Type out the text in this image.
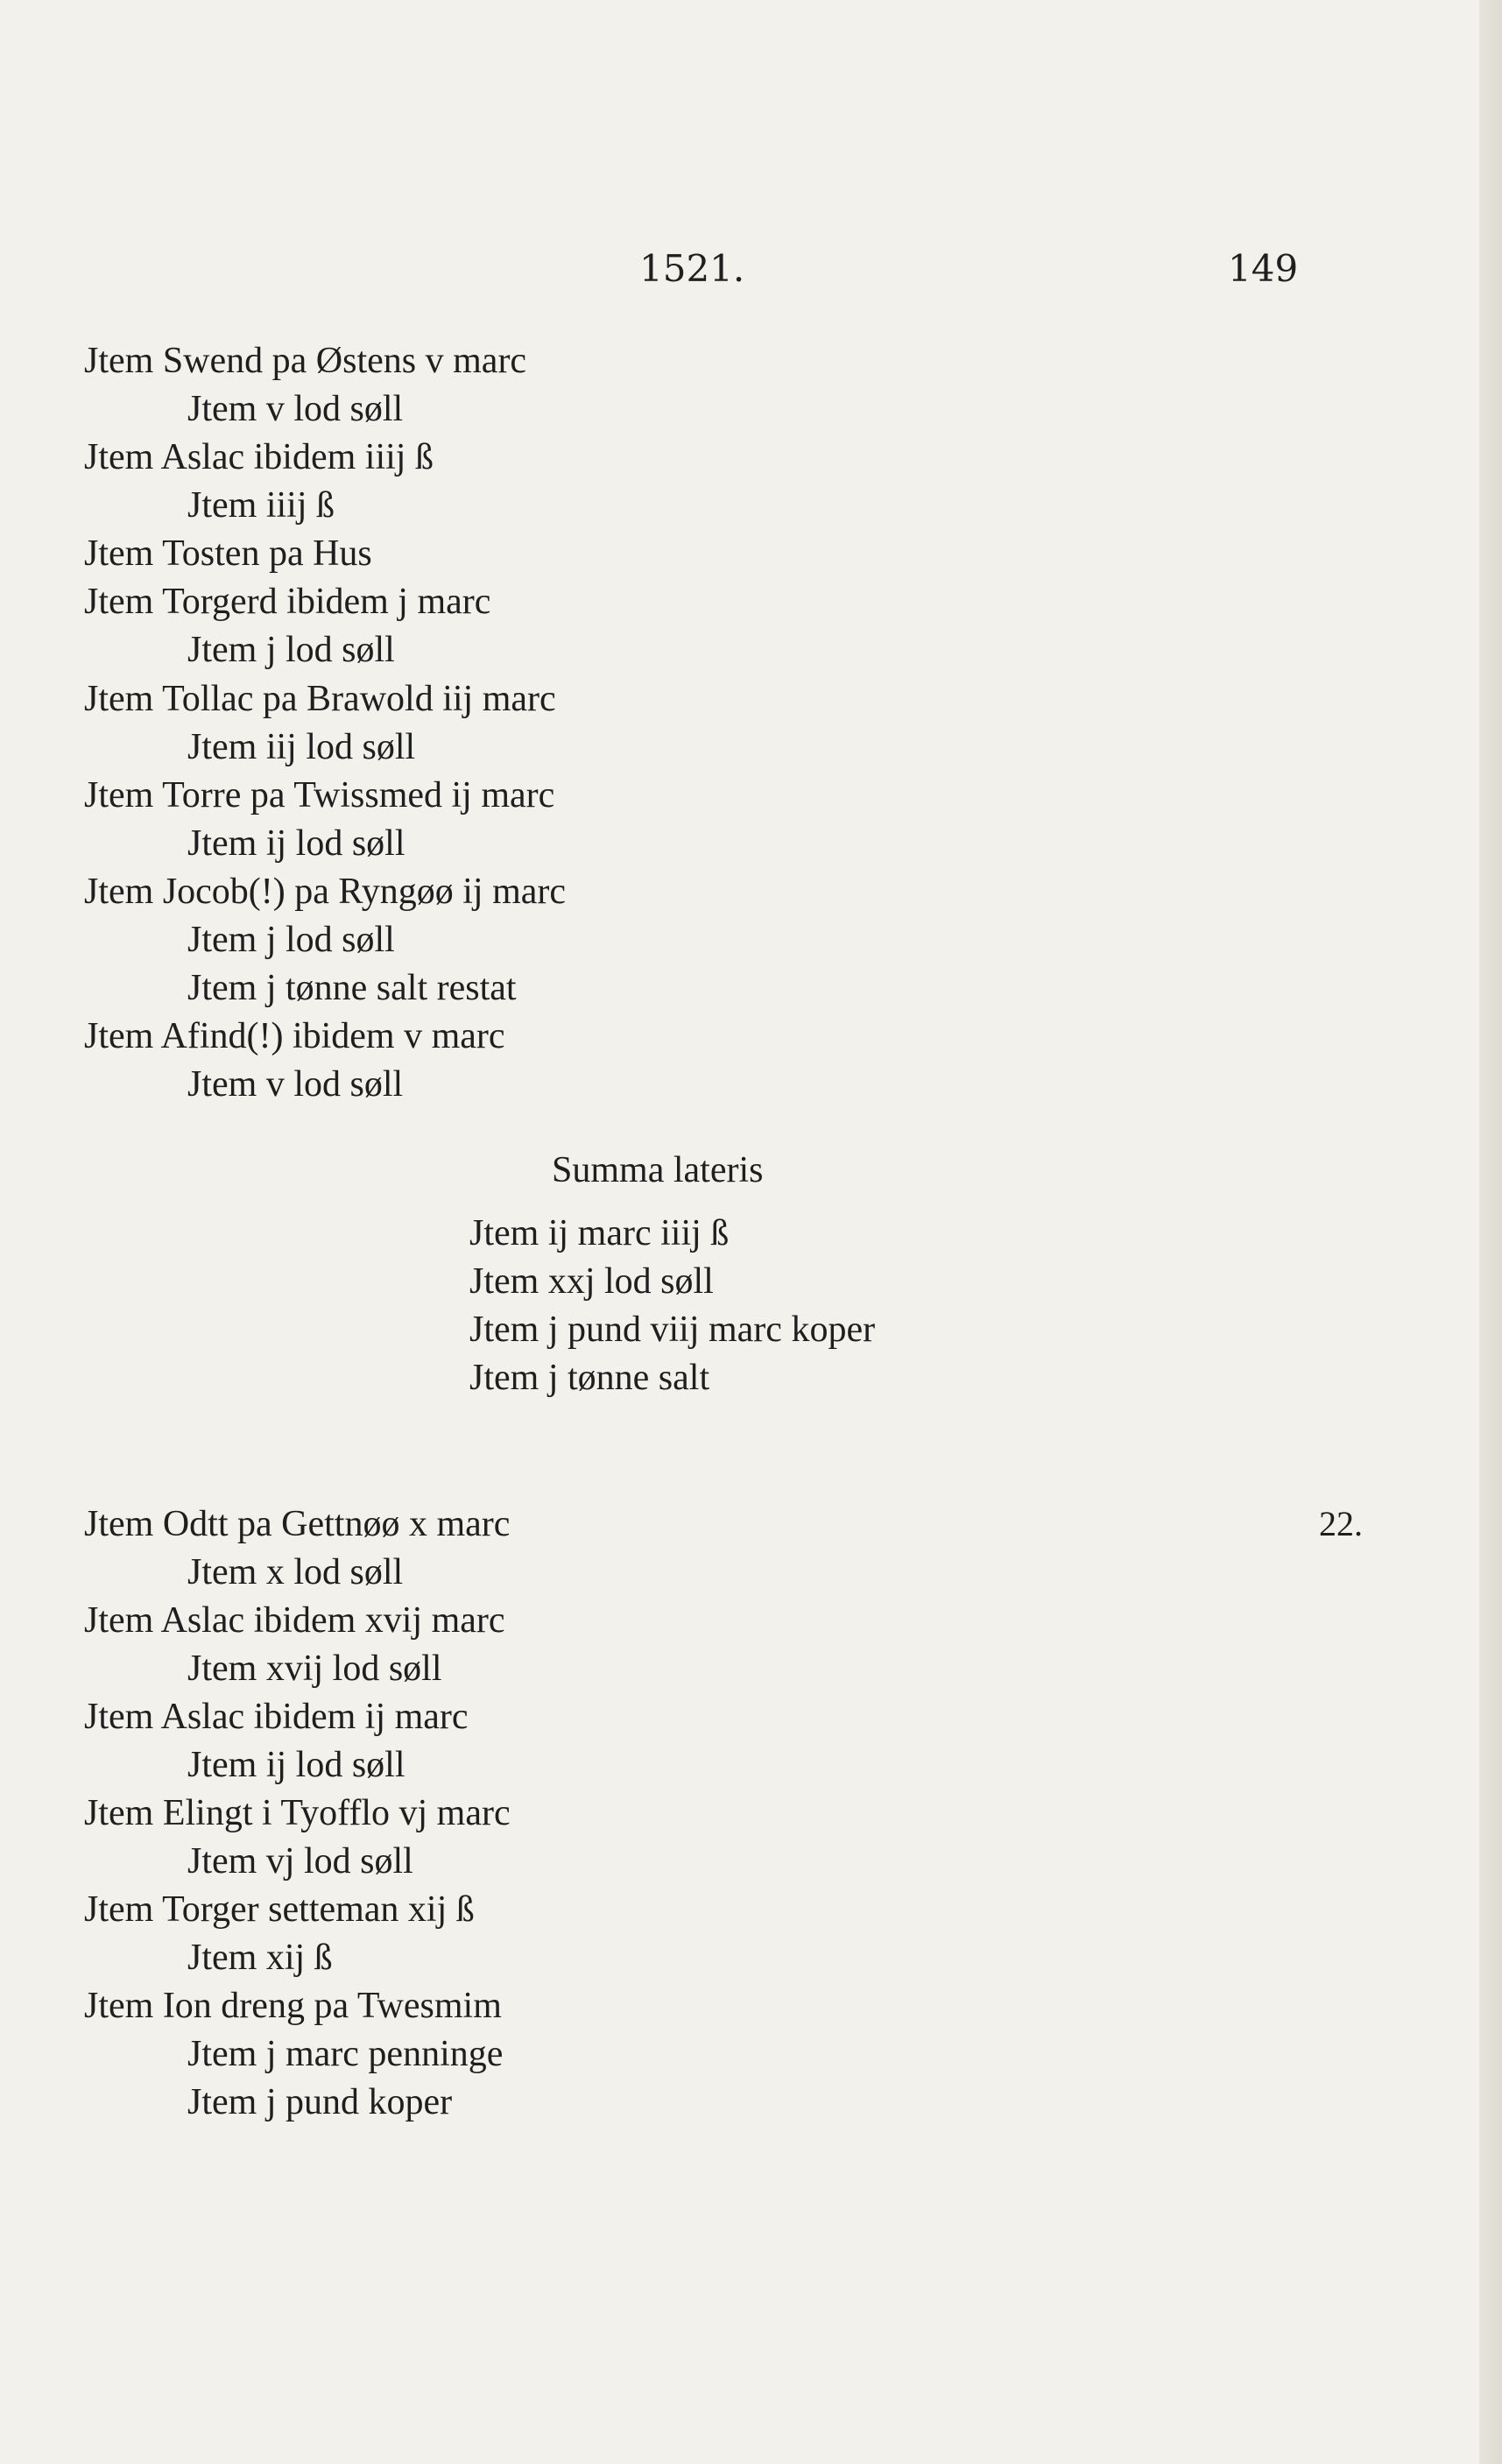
1521.	149
Jtem Swend pa Østens v marc
Jtem v lod søll
Jtem Aslac ibidem iiij ß
Jtem iiij ß
Jtem Tosten pa Hus
Jtem Torgerd ibidem j marc
Jtem j lod søll
Jtem Tollac pa Brawold iij marc
Jtem iij lod søll
Jtem Torre pa Twissmed ij marc
Jtem ij lod søll
Jtem Jocob(!) pa Ryngøø ij marc
Jtem j lod søll
Jtem j tønne salt restat
Jtem Afind(!) ibidem v marc
Jtem v lod søll
Summa lateris
Jtem ij marc iiij ß
Jtem xxj lod søll
Jtem j pund viij marc koper
Jtem j tønne salt
Jtem Odtt pa Gettnøø x marc	22.
Jtem x lod søll
Jtem Aslac ibidem xvij marc
Jtem xvij lod søll
Jtem Aslac ibidem ij marc
Jtem ij lod søll
Jtem Elingt i Tyofflo vj marc
Jtem vj lod søll
Jtem Torger setteman xij ß
Jtem xij ß
Jtem Ion dreng pa Twesmim
Jtem j marc penninge
Jtem j pund koper
